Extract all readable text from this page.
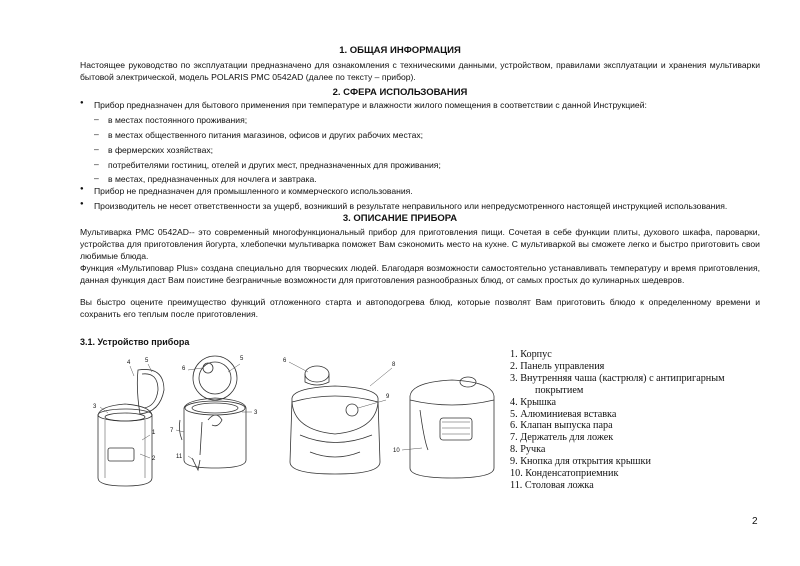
1. ОБЩАЯ ИНФОРМАЦИЯ
Настоящее руководство по эксплуатации предназначено для ознакомления с техническими данными, устройством, правилами эксплуатации и хранения мультиварки бытовой электрической, модель POLARIS PMC 0542AD (далее по тексту – прибор).
2. СФЕРА ИСПОЛЬЗОВАНИЯ
● Прибор предназначен для бытового применения при температуре и влажности жилого помещения в соответствии с данной Инструкцией:
– в местах постоянного проживания;
– в местах общественного питания магазинов, офисов и других рабочих местах;
– в фермерских хозяйствах;
– потребителями гостиниц, отелей и других мест, предназначенных для проживания;
– в местах, предназначенных для ночлега и завтрака.
● Прибор не предназначен для промышленного и коммерческого использования.
● Производитель не несет ответственности за ущерб, возникший в результате неправильного или непредусмотренного настоящей инструкцией использования.
3. ОПИСАНИЕ ПРИБОРА
Мультиварка PMC 0542AD-- это современный многофункциональный прибор для приготовления пищи. Сочетая в себе функции плиты, духового шкафа, пароварки, устройства для приготовления йогурта, хлебопечки мультиварка поможет Вам сэкономить место на кухне. С мультиваркой вы сможете легко и быстро приготовить свои любимые блюда.
Функция «Мультиповар Plus» создана специально для творческих людей. Благодаря возможности самостоятельно устанавливать температуру и время приготовления, данная функция даст Вам поистине безграничные возможности для приготовления разнообразных блюд, от самых простых до кулинарных шедевров.
Вы быстро оцените преимущество функций отложенного старта и автоподогрева блюд, которые позволят Вам приготовить блюдо к определенному времени и сохранить его теплым после приготовления.
3.1. Устройство прибора
3
4 5
1
2
6
5
3
7
11
6
8
9
10
1. Корпус
2. Панель управления
3. Внутренняя чаша (кастрюля) с антипригарным
покрытием
4. Крышка
5. Алюминиевая вставка
6. Клапан выпуска пара
7. Держатель для ложек
8. Ручка
9. Кнопка для открытия крышки
10. Конденсатоприемник
11. Столовая ложка
2
